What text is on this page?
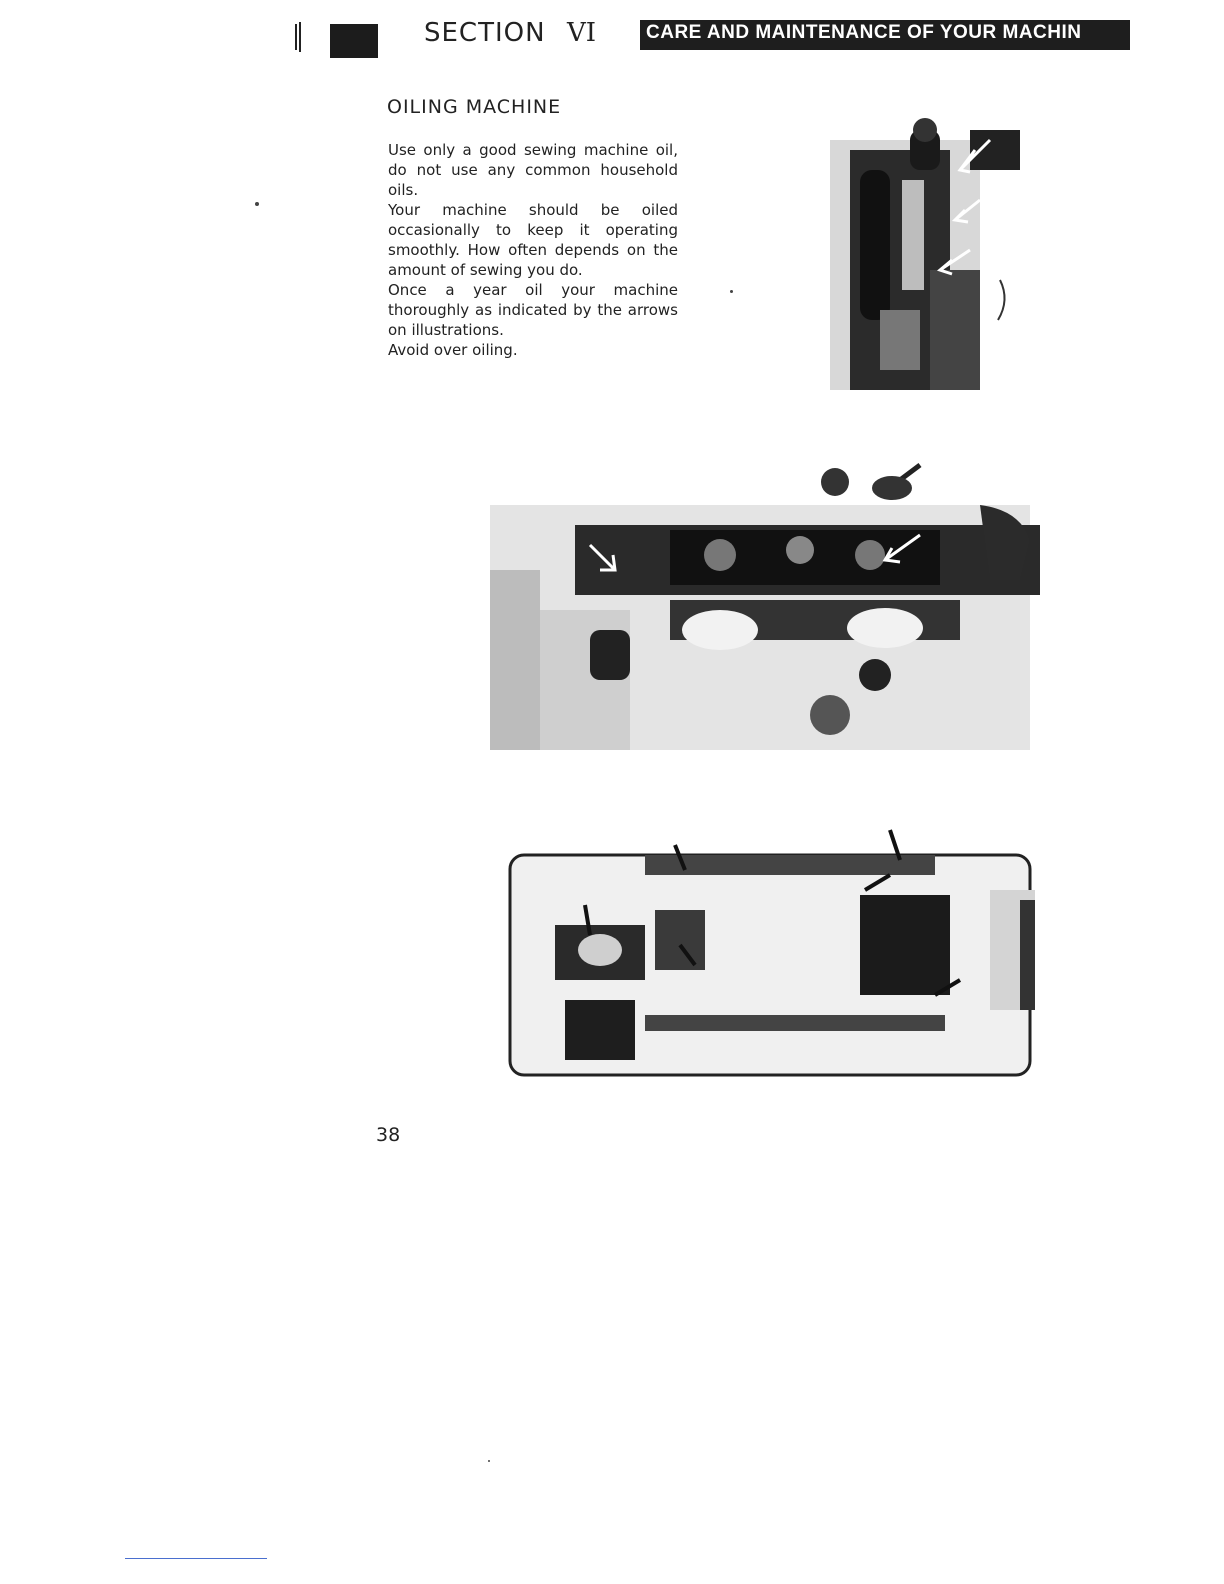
SECTION VI	CARE AND MAINTENANCE OF YOUR MACHIN
OILING MACHINE

Use only a good sewing machine oil, do not use any common household oils.

Your machine should be oiled occasionally to keep it operating smoothly. How often depends on the amount of sewing you do.

Once a year oil your machine thoroughly as indicated by the arrows on illustrations.

Avoid over oiling.

38
